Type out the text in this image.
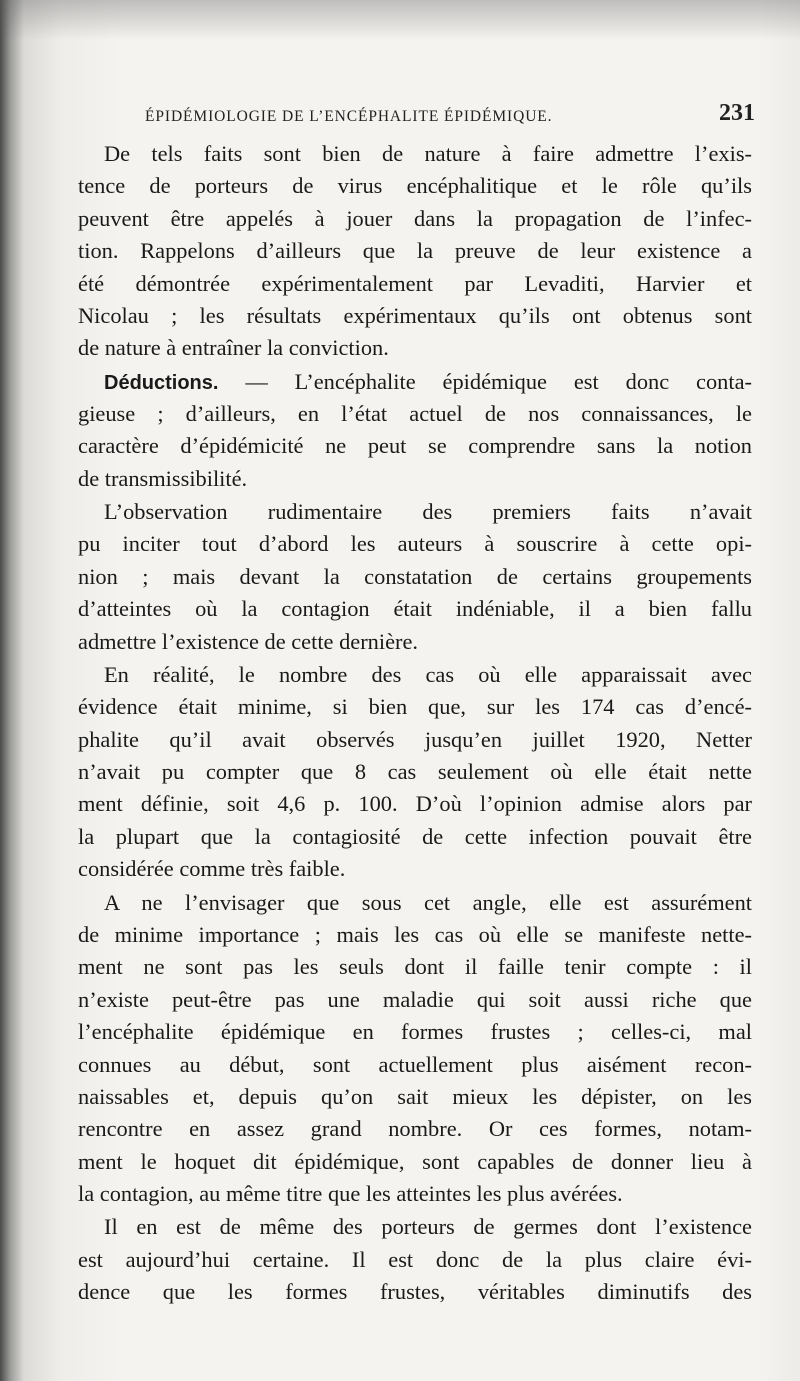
ÉPIDÉMIOLOGIE DE L’ENCÉPHALITE ÉPIDÉMIQUE.	231
De tels faits sont bien de nature à faire admettre l’exis-
tence de porteurs de virus encéphalitique et le rôle qu’ils
peuvent être appelés à jouer dans la propagation de l’infec-
tion. Rappelons d’ailleurs que la preuve de leur existence a
été démontrée expérimentalement par Levaditi, Harvier et
Nicolau ; les résultats expérimentaux qu’ils ont obtenus sont
de nature à entraîner la conviction.
Déductions. — L’encéphalite épidémique est donc conta-
gieuse ; d’ailleurs, en l’état actuel de nos connaissances, le
caractère d’épidémicité ne peut se comprendre sans la notion
de transmissibilité.
L’observation rudimentaire des premiers faits n’avait
pu inciter tout d’abord les auteurs à souscrire à cette opi-
nion ; mais devant la constatation de certains groupements
d’atteintes où la contagion était indéniable, il a bien fallu
admettre l’existence de cette dernière.
En réalité, le nombre des cas où elle apparaissait avec
évidence était minime, si bien que, sur les 174 cas d’encé-
phalite qu’il avait observés jusqu’en juillet 1920, Netter
n’avait pu compter que 8 cas seulement où elle était nette
ment définie, soit 4,6 p. 100. D’où l’opinion admise alors par
la plupart que la contagiosité de cette infection pouvait être
considérée comme très faible.
A ne l’envisager que sous cet angle, elle est assurément
de minime importance ; mais les cas où elle se manifeste nette-
ment ne sont pas les seuls dont il faille tenir compte : il
n’existe peut-être pas une maladie qui soit aussi riche que
l’encéphalite épidémique en formes frustes ; celles-ci, mal
connues au début, sont actuellement plus aisément recon-
naissables et, depuis qu’on sait mieux les dépister, on les
rencontre en assez grand nombre. Or ces formes, notam-
ment le hoquet dit épidémique, sont capables de donner lieu à
la contagion, au même titre que les atteintes les plus avérées.
Il en est de même des porteurs de germes dont l’existence
est aujourd’hui certaine. Il est donc de la plus claire évi-
dence que les formes frustes, véritables diminutifs des
